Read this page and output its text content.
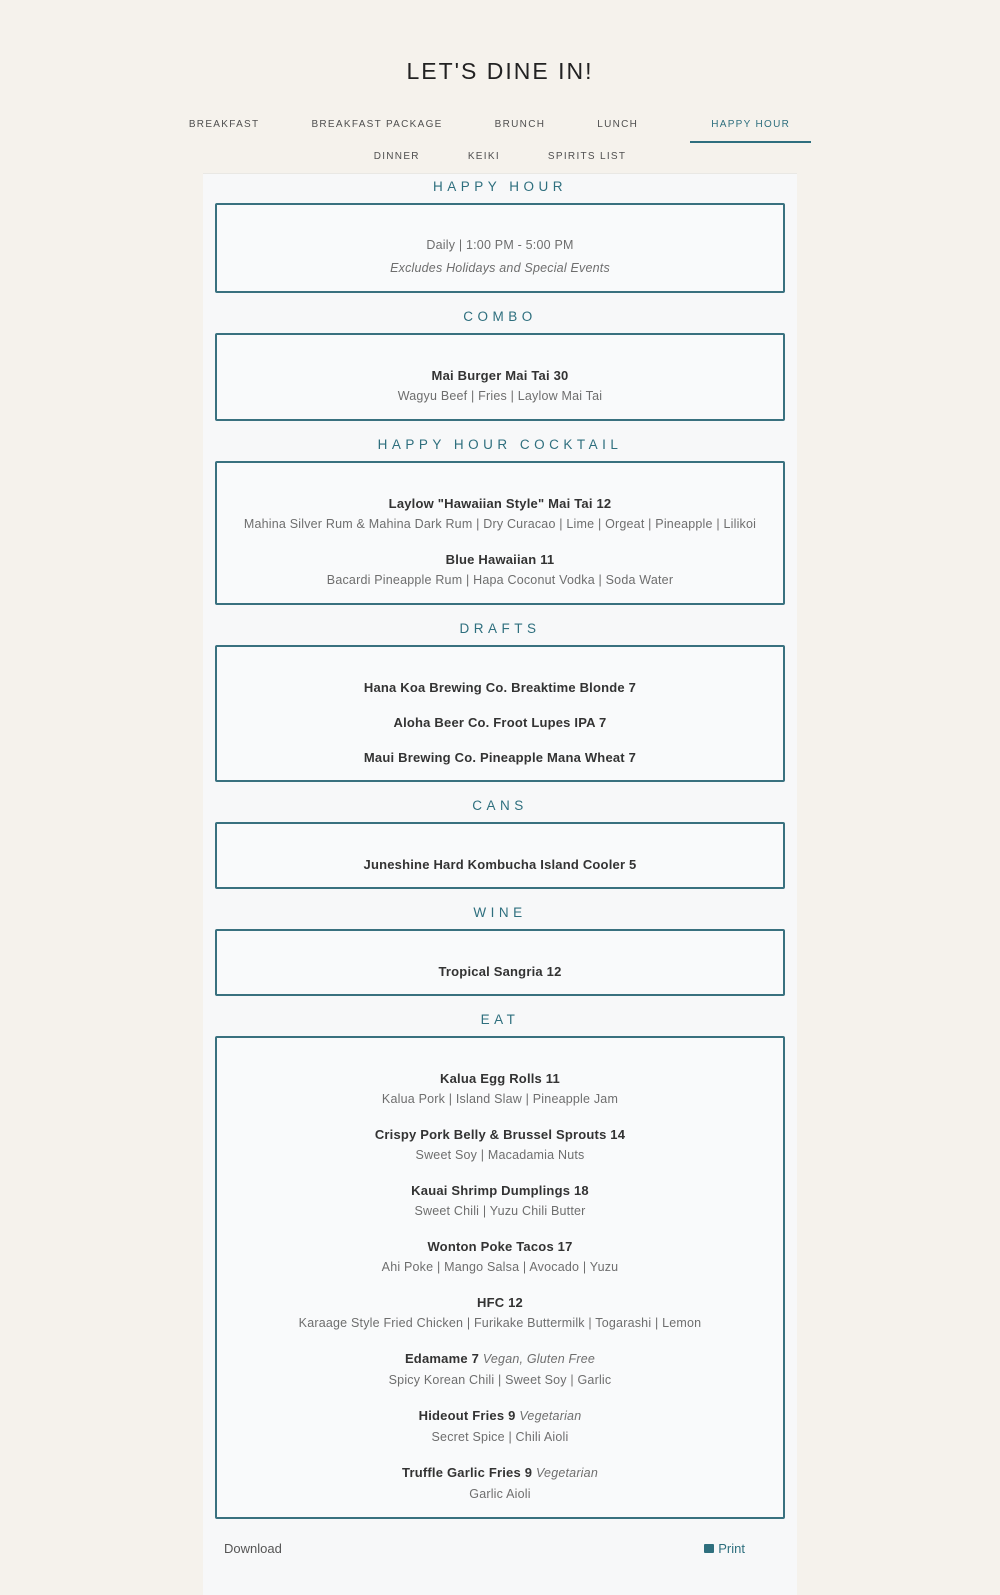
LET'S DINE IN!
BREAKFAST	BREAKFAST PACKAGE	BRUNCH	LUNCH	HAPPY HOUR
DINNER	KEIKI	SPIRITS LIST
HAPPY HOUR
Daily | 1:00 PM - 5:00 PM
Excludes Holidays and Special Events
COMBO
Mai Burger Mai Tai 30
Wagyu Beef | Fries | Laylow Mai Tai
HAPPY HOUR COCKTAIL
Laylow "Hawaiian Style" Mai Tai 12
Mahina Silver Rum & Mahina Dark Rum | Dry Curacao | Lime | Orgeat | Pineapple | Lilikoi
Blue Hawaiian 11
Bacardi Pineapple Rum | Hapa Coconut Vodka | Soda Water
DRAFTS
Hana Koa Brewing Co. Breaktime Blonde 7
Aloha Beer Co. Froot Lupes IPA 7
Maui Brewing Co. Pineapple Mana Wheat 7
CANS
Juneshine Hard Kombucha Island Cooler 5
WINE
Tropical Sangria 12
EAT
Kalua Egg Rolls 11
Kalua Pork | Island Slaw | Pineapple Jam
Crispy Pork Belly & Brussel Sprouts 14
Sweet Soy | Macadamia Nuts
Kauai Shrimp Dumplings 18
Sweet Chili | Yuzu Chili Butter
Wonton Poke Tacos 17
Ahi Poke | Mango Salsa | Avocado | Yuzu
HFC 12
Karaage Style Fried Chicken | Furikake Buttermilk | Togarashi | Lemon
Edamame 7 Vegan, Gluten Free
Spicy Korean Chili | Sweet Soy | Garlic
Hideout Fries 9 Vegetarian
Secret Spice | Chili Aioli
Truffle Garlic Fries 9 Vegetarian
Garlic Aioli
Download	Print
